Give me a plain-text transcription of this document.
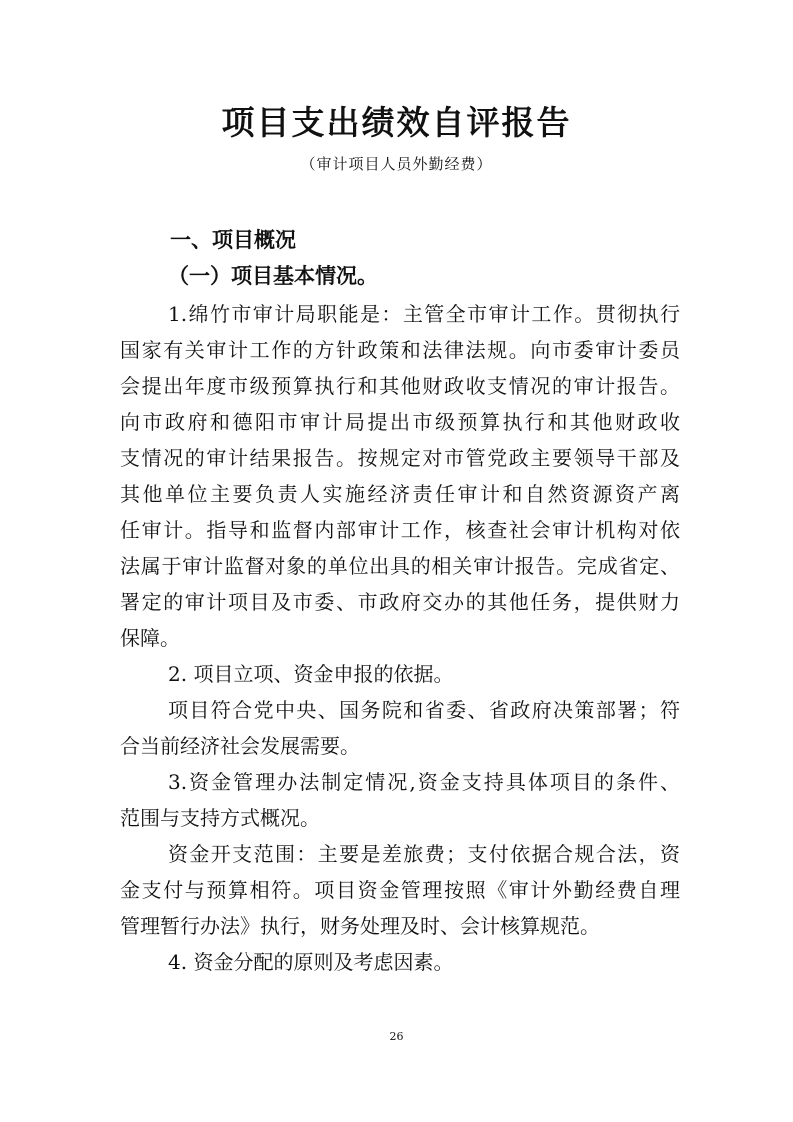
项目支出绩效自评报告
（审计项目人员外勤经费）
一、项目概况
（一）项目基本情况。
1.绵竹市审计局职能是：主管全市审计工作。贯彻执行
国家有关审计工作的方针政策和法律法规。向市委审计委员
会提出年度市级预算执行和其他财政收支情况的审计报告。
向市政府和德阳市审计局提出市级预算执行和其他财政收
支情况的审计结果报告。按规定对市管党政主要领导干部及
其他单位主要负责人实施经济责任审计和自然资源资产离
任审计。指导和监督内部审计工作，核查社会审计机构对依
法属于审计监督对象的单位出具的相关审计报告。完成省定、
署定的审计项目及市委、市政府交办的其他任务，提供财力
保障。
2. 项目立项、资金申报的依据。
项目符合党中央、国务院和省委、省政府决策部署；符
合当前经济社会发展需要。
3.资金管理办法制定情况,资金支持具体项目的条件、
范围与支持方式概况。
资金开支范围：主要是差旅费；支付依据合规合法，资
金支付与预算相符。项目资金管理按照《审计外勤经费自理
管理暂行办法》执行，财务处理及时、会计核算规范。
4. 资金分配的原则及考虑因素。
26
